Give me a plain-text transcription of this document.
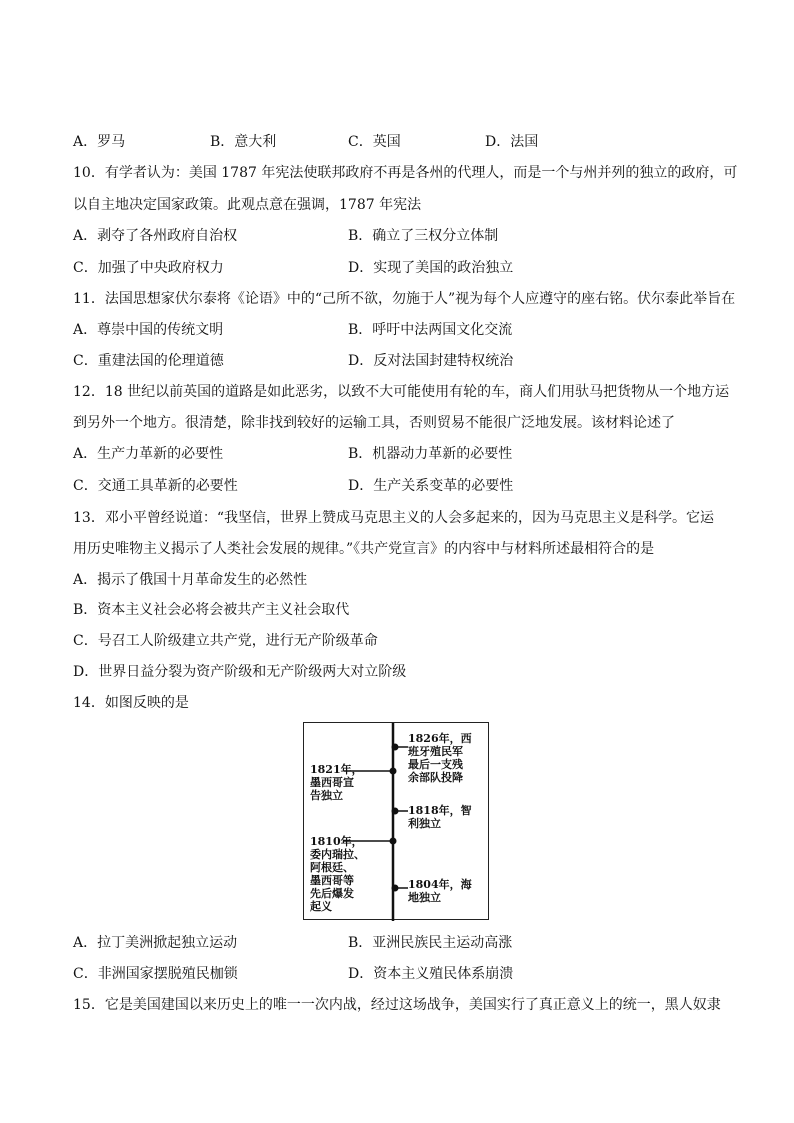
A．罗马	B．意大利	C．英国	D．法国
10．有学者认为：美国 1787 年宪法使联邦政府不再是各州的代理人，而是一个与州并列的独立的政府，可
以自主地决定国家政策。此观点意在强调，1787 年宪法
A．剥夺了各州政府自治权	B．确立了三权分立体制
C．加强了中央政府权力	D．实现了美国的政治独立
11．法国思想家伏尔泰将《论语》中的“己所不欲，勿施于人”视为每个人应遵守的座右铭。伏尔泰此举旨在
A．尊崇中国的传统文明	B．呼吁中法两国文化交流
C．重建法国的伦理道德	D．反对法国封建特权统治
12．18 世纪以前英国的道路是如此恶劣，以致不大可能使用有轮的车，商人们用驮马把货物从一个地方运
到另外一个地方。很清楚，除非找到较好的运输工具，否则贸易不能很广泛地发展。该材料论述了
A．生产力革新的必要性	B．机器动力革新的必要性
C．交通工具革新的必要性	D．生产关系变革的必要性
13．邓小平曾经说道：“我坚信，世界上赞成马克思主义的人会多起来的，因为马克思主义是科学。它运
用历史唯物主义揭示了人类社会发展的规律。”《共产党宣言》的内容中与材料所述最相符合的是
A．揭示了俄国十月革命发生的必然性
B．资本主义社会必将会被共产主义社会取代
C．号召工人阶级建立共产党，进行无产阶级革命
D．世界日益分裂为资产阶级和无产阶级两大对立阶级
14．如图反映的是
1826年，西
班牙殖民军
最后一支残
余部队投降
1821年，
墨西哥宣
告独立
1818年，智
利独立
1810年，
委内瑞拉、
阿根廷、
墨西哥等
先后爆发
起义
1804年，海
地独立
A．拉丁美洲掀起独立运动	B．亚洲民族民主运动高涨
C．非洲国家摆脱殖民枷锁	D．资本主义殖民体系崩溃
15．它是美国建国以来历史上的唯一一次内战，经过这场战争，美国实行了真正意义上的统一，黑人奴隶
